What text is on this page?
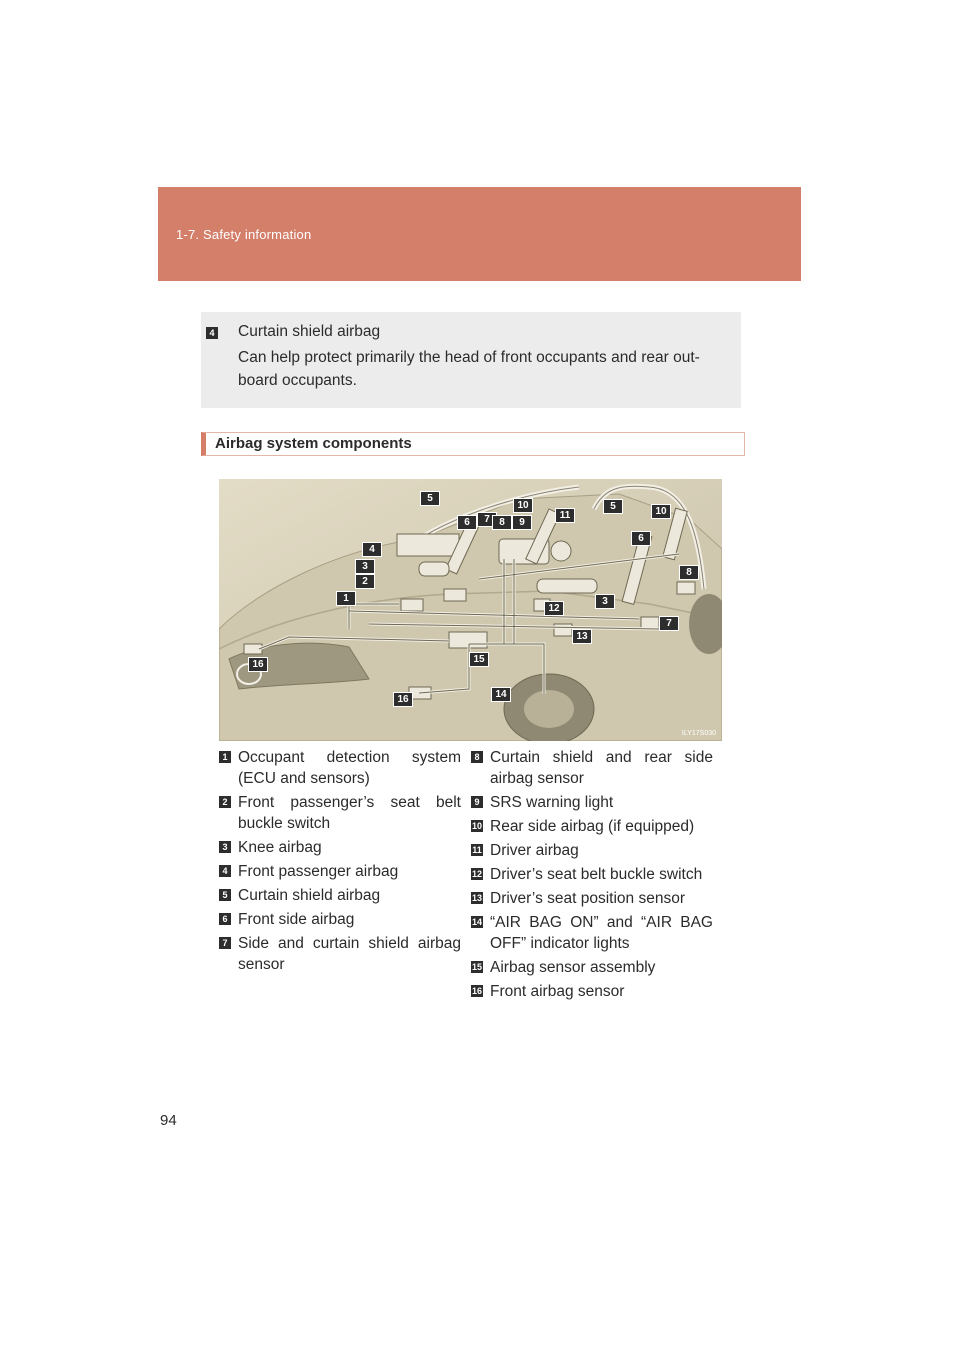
1-7. Safety information
4 Curtain shield airbag
Can help protect primarily the head of front occupants and rear out-board occupants.
Airbag system components
5
10
6	7 8	9
11
5	10
4
6
3
2
8
1	3
12
7
13
15
16
16	14
ILY17S030
1 Occupant detection system (ECU and sensors)
2 Front passenger’s seat belt buckle switch
3 Knee airbag
4 Front passenger airbag
5 Curtain shield airbag
6 Front side airbag
7 Side and curtain shield airbag sensor
8 Curtain shield and rear side airbag sensor
9 SRS warning light
10 Rear side airbag (if equipped)
11 Driver airbag
12 Driver’s seat belt buckle switch
13 Driver’s seat position sensor
14 “AIR BAG ON” and “AIR BAG OFF” indicator lights
15 Airbag sensor assembly
16 Front airbag sensor
94
